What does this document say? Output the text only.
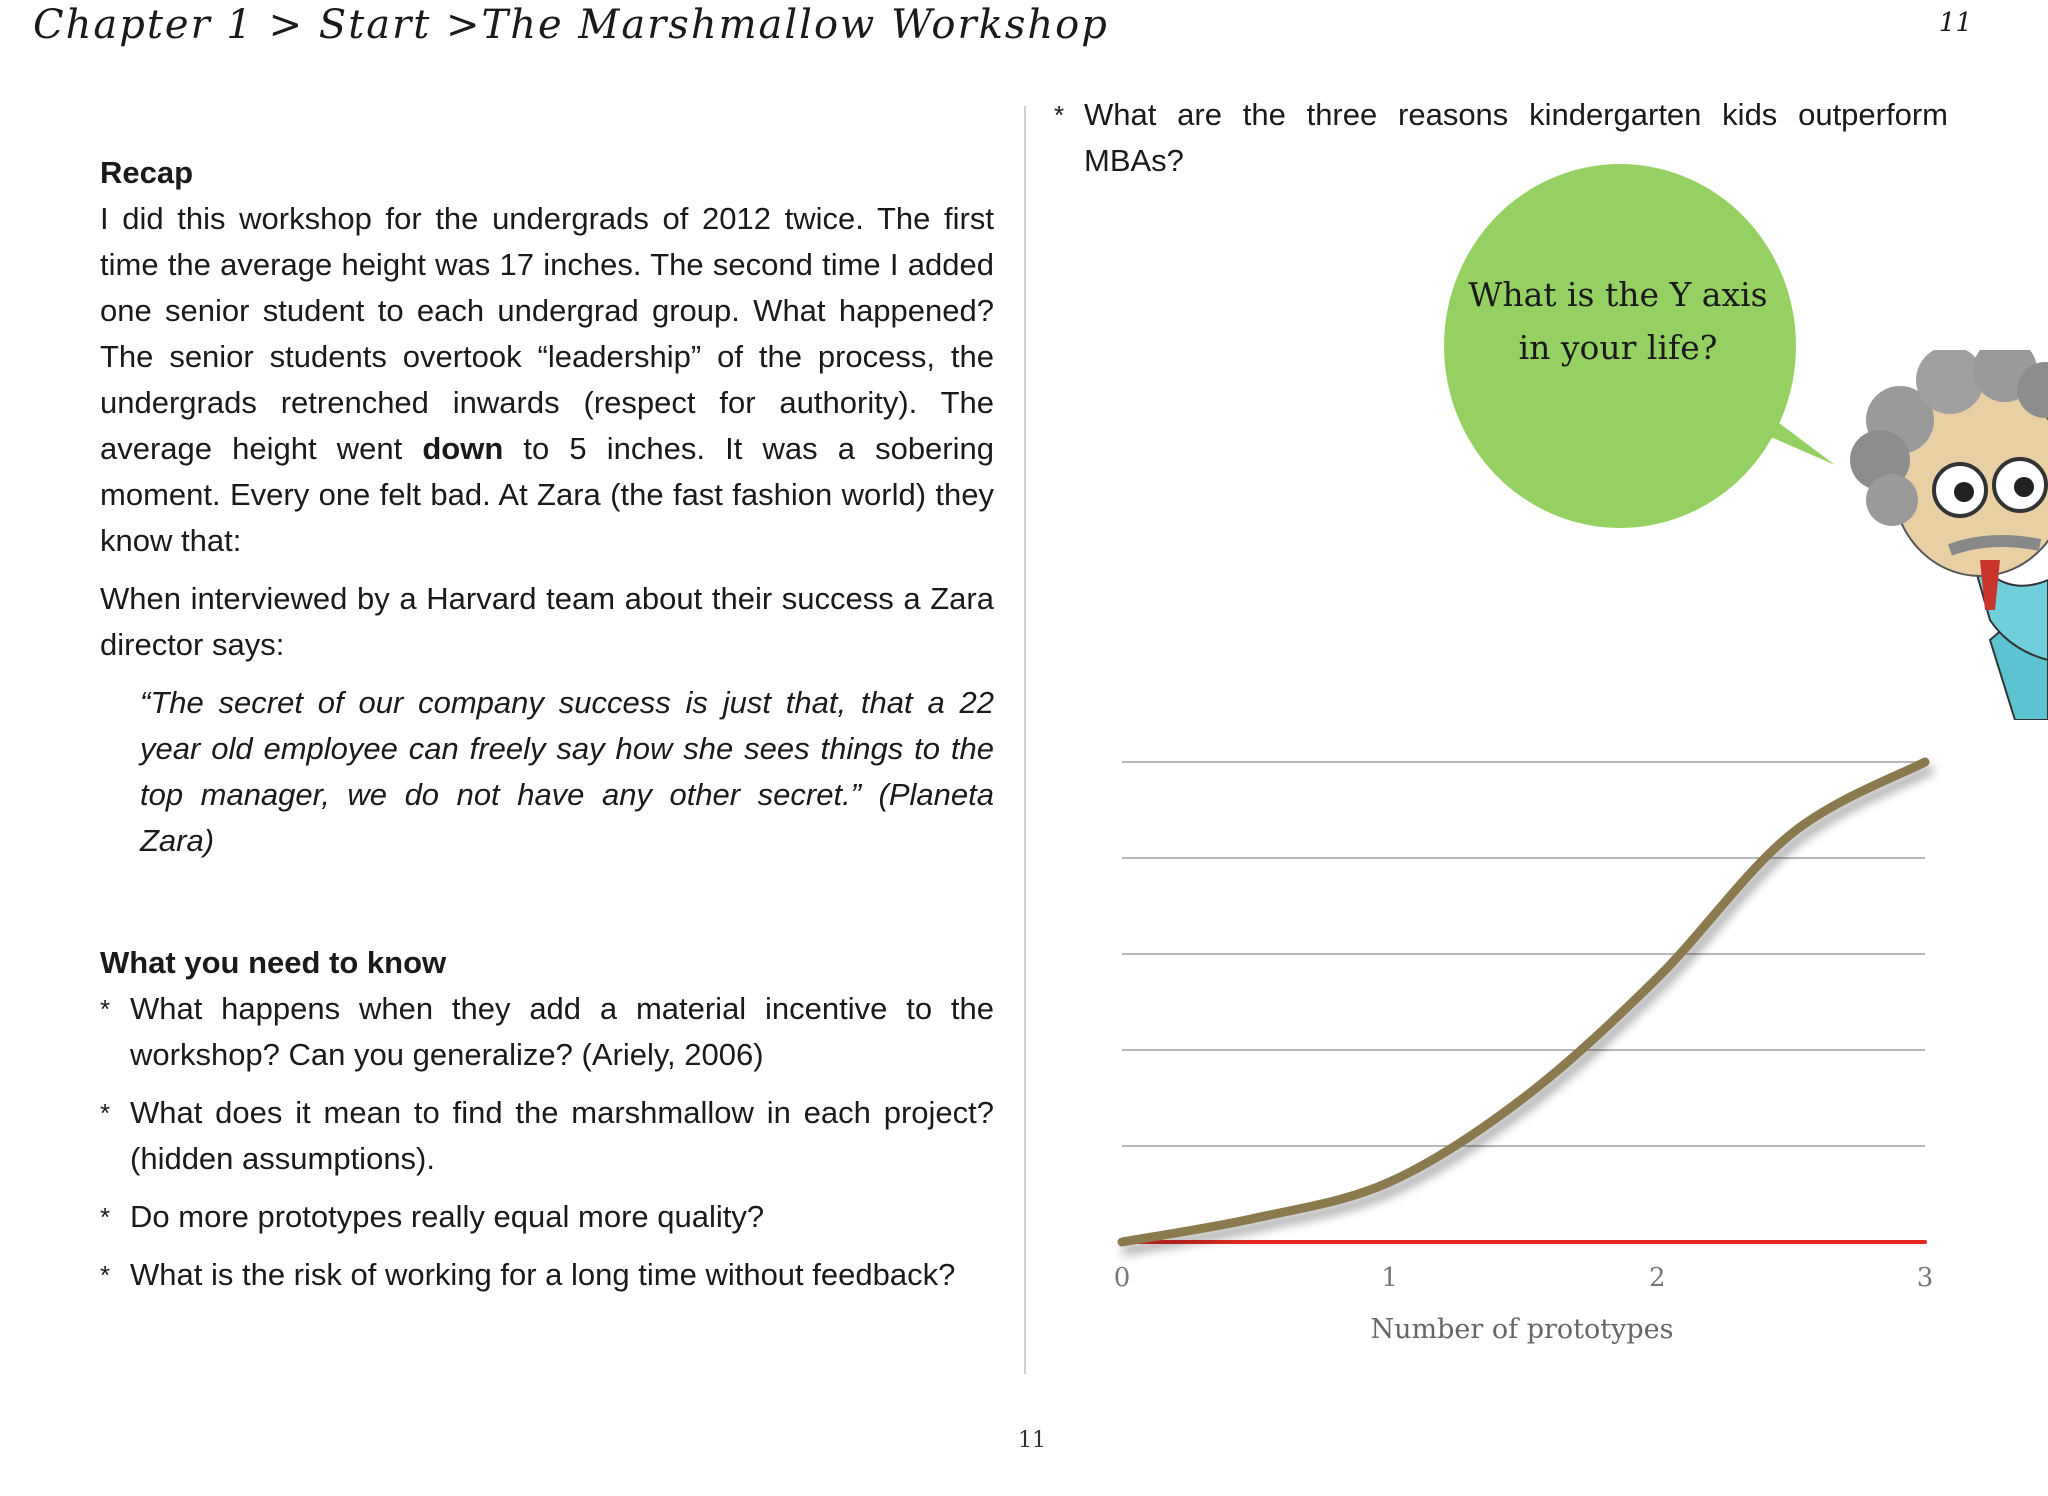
Chapter 1 > Start >The Marshmallow Workshop	11

Recap

I did this workshop for the undergrads of 2012 twice. The first time the average height was 17 inches. The second time I added one senior student to each undergrad group. What happened? The senior students overtook “leadership” of the process, the undergrads retrenched inwards (respect for authority). The average height went down to 5 inches. It was a sobering moment. Every one felt bad. At Zara (the fast fashion world) they know that:

When interviewed by a Harvard team about their success a Zara director says:

“The secret of our company success is just that, that a 22 year old employee can freely say how she sees things to the top manager, we do not have any other secret.” (Planeta Zara)

What you need to know

* What happens when they add a material incentive to the workshop? Can you generalize? (Ariely, 2006)
* What does it mean to find the marshmallow in each project? (hidden assumptions).
* Do more prototypes really equal more quality?
* What is the risk of working for a long time without feedback?
* What are the three reasons kindergarten kids outperform MBAs?
What is the Y axis in your life?
0	1	2	3
Number of prototypes
11
